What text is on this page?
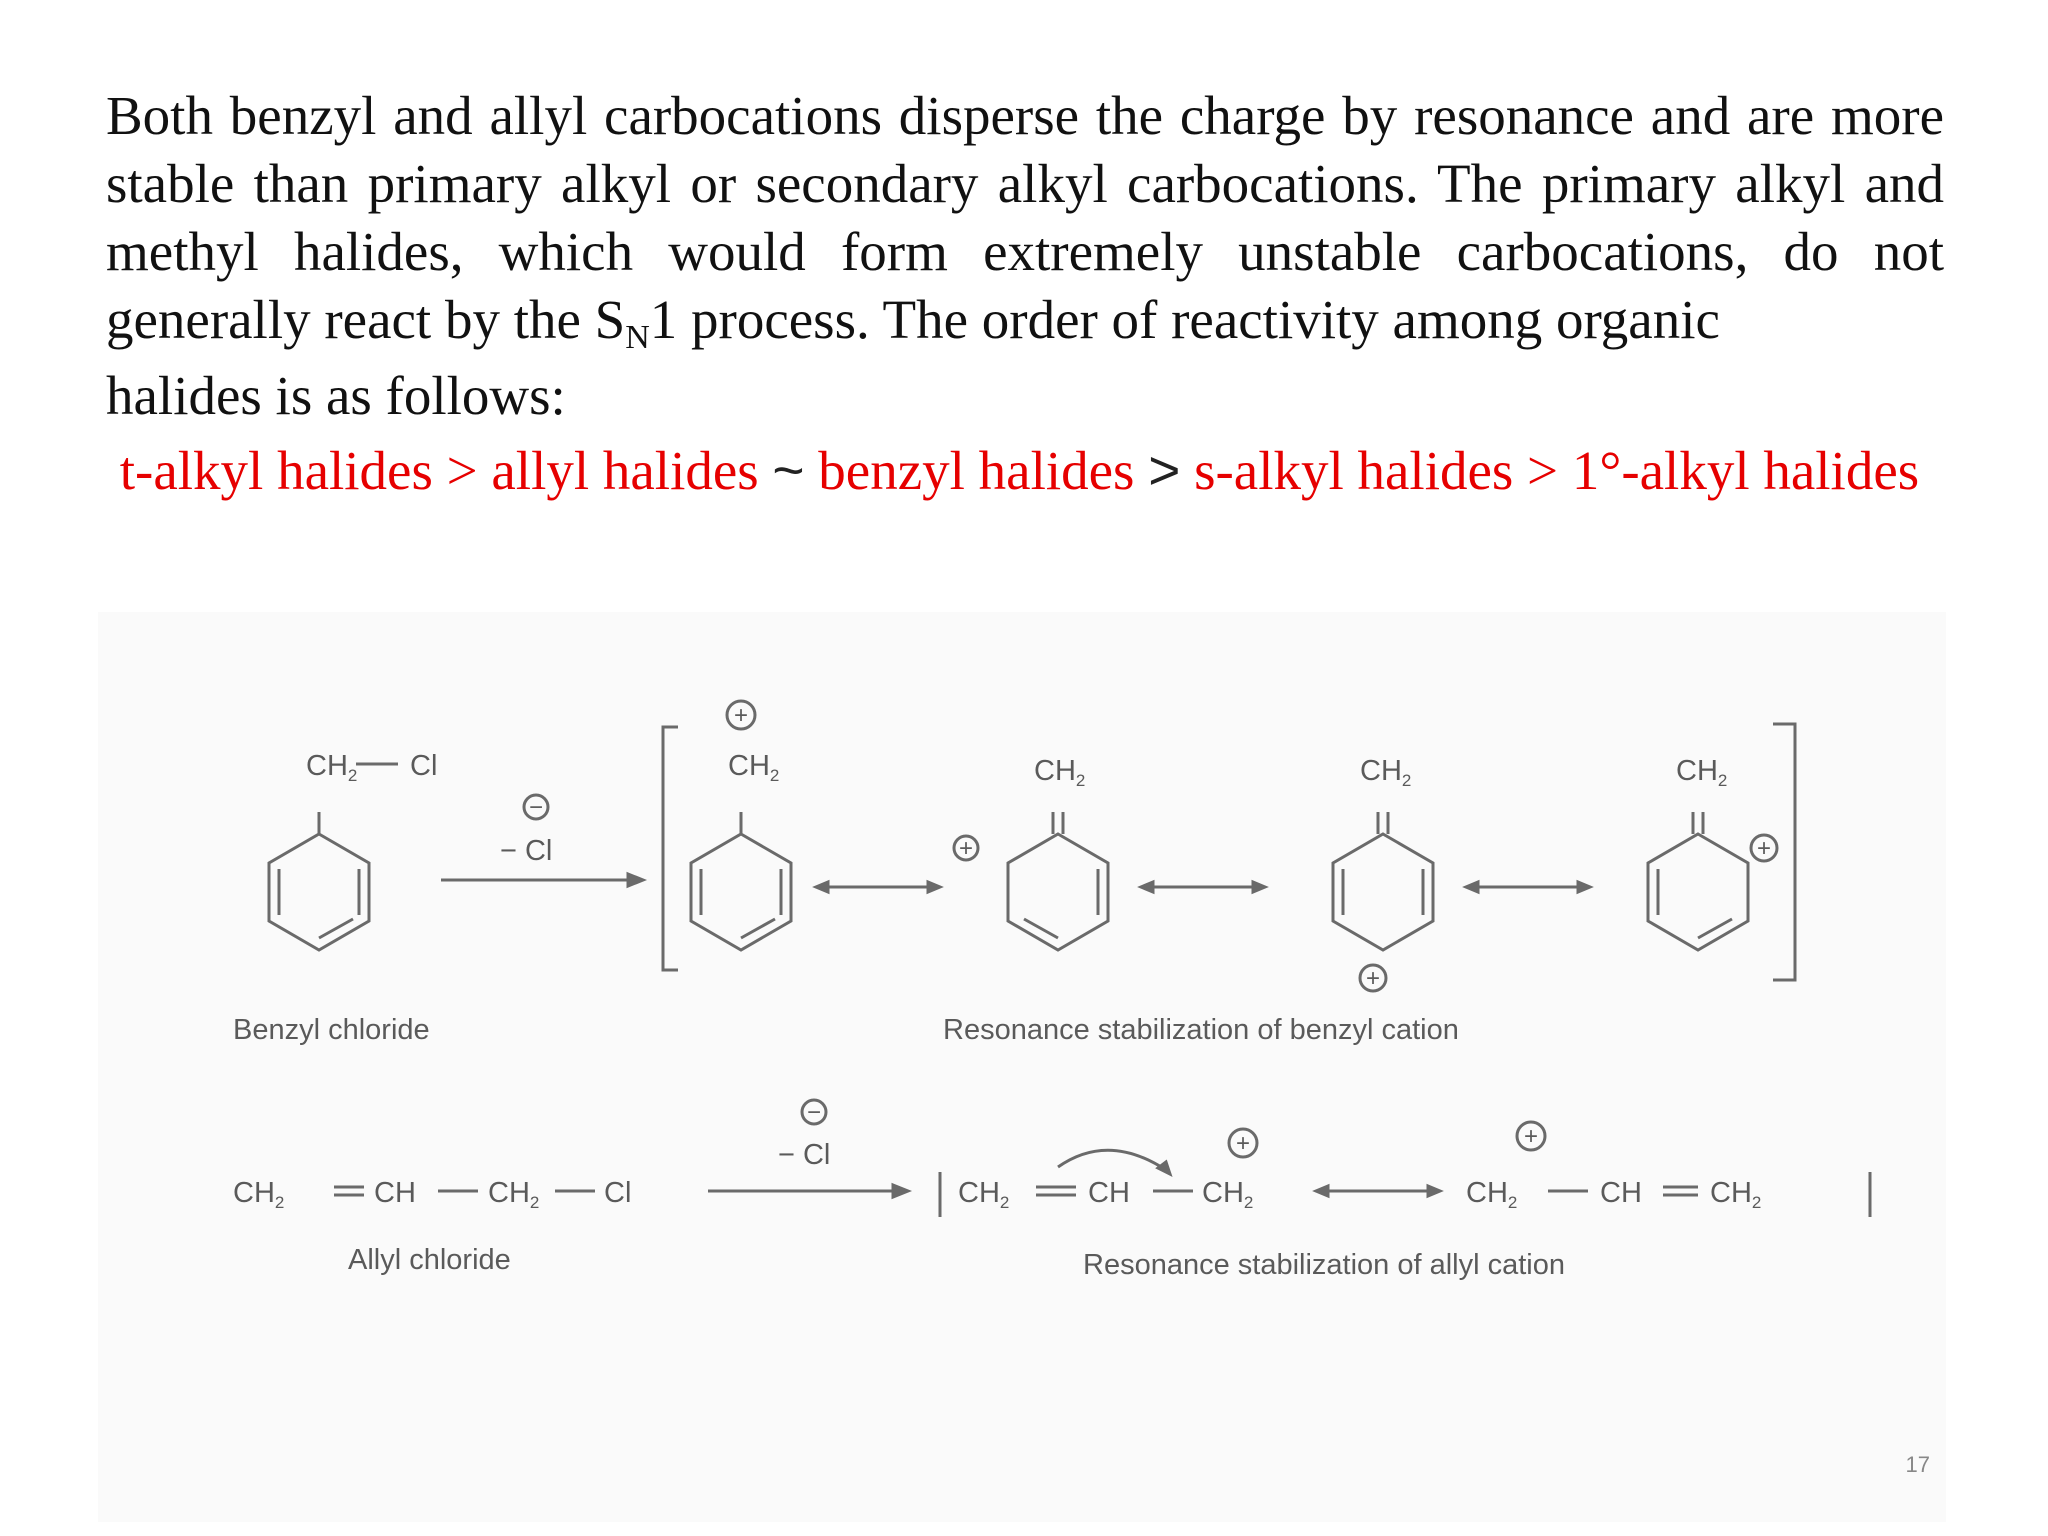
Both benzyl and allyl carbocations disperse the charge by resonance and are more stable than primary alkyl or secondary alkyl carbocations. The primary alkyl and methyl halides, which would form extremely unstable carbocations, do not generally react by the $S_N1$ process. The order of reactivity among organic
halides is as follows:

t-alkyl halides > allyl halides ~ benzyl halides > s-alkyl halides > 1°-alkyl halides

+
−
+
+
+
−
+	+
$CH_2$ Cl
− Cl
$CH_2$	$CH_2$	$CH_2$	$CH_2$
Benzyl chloride	Resonance stabilization of benzyl cation
$CH_2$	CH $CH_2$ Cl
− Cl
$CH_2$	CH $CH_2$	$CH_2$	CH $CH_2$
Allyl chloride	Resonance stabilization of allyl cation
17
